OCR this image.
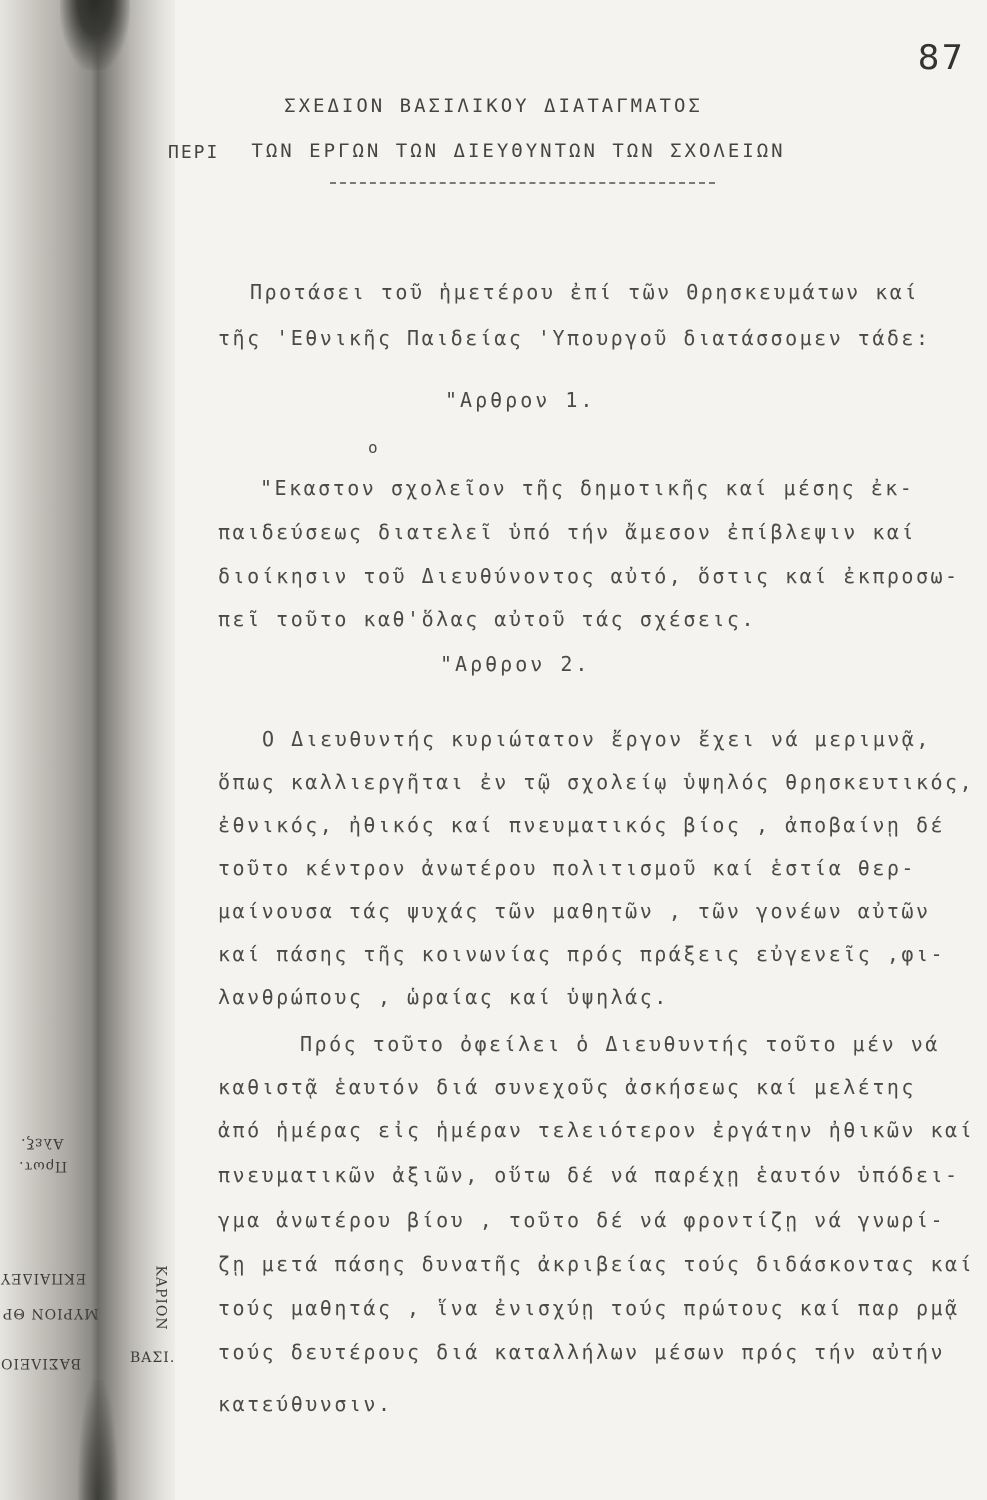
Αλεξ.
Πρωτ.
ΕΚΠΑΙΔΕΥ
ΜΥΡΙΟΝ ΘΡ
ΒΑΣΙΛΕΙΟ	ΒΑΣΙ.
ΚΑΡΙΟΝ
87
ΣΧΕΔΙΟΝ ΒΑΣΙΛΙΚΟΥ ΔΙΑΤΑΓΜΑΤΟΣ
ΠΕΡΙ	ΤΩΝ ΕΡΓΩΝ ΤΩΝ ΔΙΕΥΘΥΝΤΩΝ ΤΩΝ ΣΧΟΛΕΙΩΝ
Προτάσει τοῦ ἡμετέρου ἐπί τῶν Θρησκευμάτων καί
τῆς 'Εθνικῆς Παιδείας 'Υπουργοῦ διατάσσομεν τάδε:
"Αρθρον 1.
ο
"Εκαστον σχολεῖον τῆς δημοτικῆς καί μέσης ἐκ-
παιδεύσεως διατελεῖ ὑπό τήν ἄμεσον ἐπίβλεψιν καί
διοίκησιν τοῦ Διευθύνοντος αὐτό, ὅστις καί ἐκπροσω-
πεῖ τοῦτο καθ'ὅλας αὐτοῦ τάς σχέσεις.
"Αρθρον 2.
Ο Διευθυντής κυριώτατον ἔργον ἔχει νά μεριμνᾷ,
ὅπως καλλιεργῆται ἐν τῷ σχολείῳ ὑψηλός θρησκευτικός,
ἐθνικός, ἠθικός καί πνευματικός βίος , ἀποβαίνῃ δέ
τοῦτο κέντρον ἀνωτέρου πολιτισμοῦ καί ἑστία θερ-
μαίνουσα τάς ψυχάς τῶν μαθητῶν , τῶν γονέων αὐτῶν
καί πάσης τῆς κοινωνίας πρός πράξεις εὐγενεῖς ,φι-
λανθρώπους , ὡραίας καί ὑψηλάς.
Πρός τοῦτο ὀφείλει ὁ Διευθυντής τοῦτο μέν νά
καθιστᾷ ἑαυτόν διά συνεχοῦς ἀσκήσεως καί μελέτης
ἀπό ἡμέρας εἰς ἡμέραν τελειότερον ἐργάτην ἠθικῶν καί
πνευματικῶν ἀξιῶν, οὕτω δέ νά παρέχῃ ἑαυτόν ὑπόδει-
γμα ἀνωτέρου βίου , τοῦτο δέ νά φροντίζῃ νά γνωρί-
ζῃ μετά πάσης δυνατῆς ἀκριβείας τούς διδάσκοντας καί
τούς μαθητάς , ἵνα ἐνισχύῃ τούς πρώτους καί παρ ρμᾷ
τούς δευτέρους διά καταλλήλων μέσων πρός τήν αὐτήν
κατεύθυνσιν.
